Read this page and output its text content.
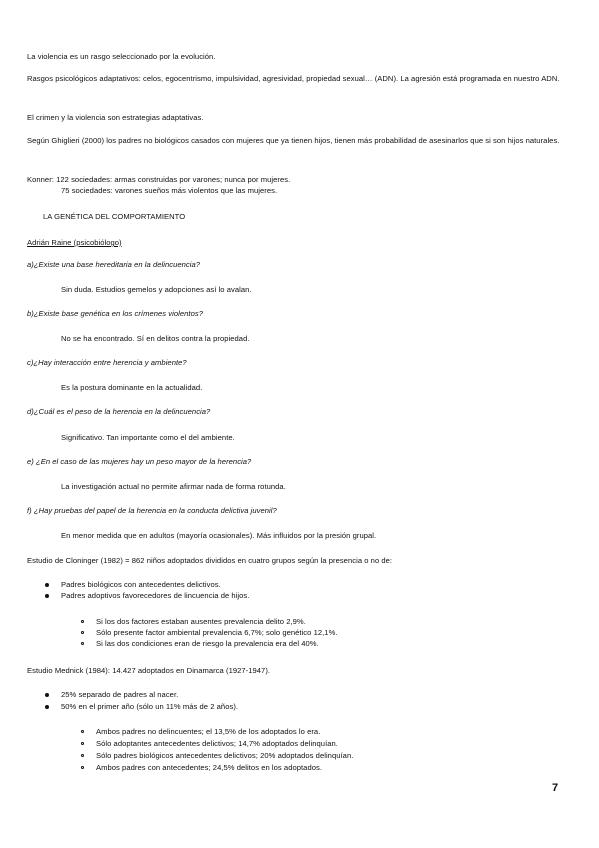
La violencia es un rasgo seleccionado por la evolución.

Rasgos psicológicos adaptativos: celos, egocentrismo, impulsividad, agresividad, propiedad sexual… (ADN). La agresión está programada en nuestro ADN.

El crimen y la violencia son estrategias adaptativas.

Según Ghiglieri (2000) los padres no biológicos casados con mujeres que ya tienen hijos, tienen más probabilidad de asesinarlos que si son hijos naturales.

Konner: 122 sociedades: armas construidas por varones; nunca por mujeres.

75 sociedades: varones sueños más violentos que las mujeres.

LA GENÉTICA DEL COMPORTAMIENTO

Adrián Raine (psicobiólogo)

a)¿Existe una base hereditaria en la delincuencia?

Sin duda. Estudios gemelos y adopciones así lo avalan.

b)¿Existe base genética en los crímenes violentos?

No se ha encontrado. Sí en delitos contra la propiedad.

c)¿Hay interacción entre herencia y ambiente?

Es la postura dominante en la actualidad.

d)¿Cuál es el peso de la herencia en la delincuencia?

Significativo. Tan importante como el del ambiente.

e) ¿En el caso de las mujeres hay un peso mayor de la herencia?

La investigación actual no permite afirmar nada de forma rotunda.

f) ¿Hay pruebas del papel de la herencia en la conducta delictiva juvenil?

En menor medida que en adultos (mayoría ocasionales). Más influidos por la presión grupal.

Estudio de Cloninger (1982) = 862 niños adoptados divididos en cuatro grupos según la presencia o no de:

Padres biológicos con antecedentes delictivos.

Padres adoptivos favorecedores de lincuencia de hijos.

Si los dos factores estaban ausentes prevalencia delito 2,9%.

Sólo presente factor ambiental prevalencia 6,7%; solo genético 12,1%.

Si las dos condiciones eran de riesgo la prevalencia era del 40%.

Estudio Mednick (1984): 14.427 adoptados en Dinamarca (1927-1947).

25% separado de padres al nacer.

50% en el primer año (sólo un 11% más de 2 años).

Ambos padres no delincuentes; el 13,5% de los adoptados lo era.

Sólo adoptantes antecedentes delictivos; 14,7% adoptados delinquían.

Sólo padres biológicos antecedentes delictivos; 20% adoptados delinquían.

Ambos padres con antecedentes; 24,5% delitos en los adoptados.

7
